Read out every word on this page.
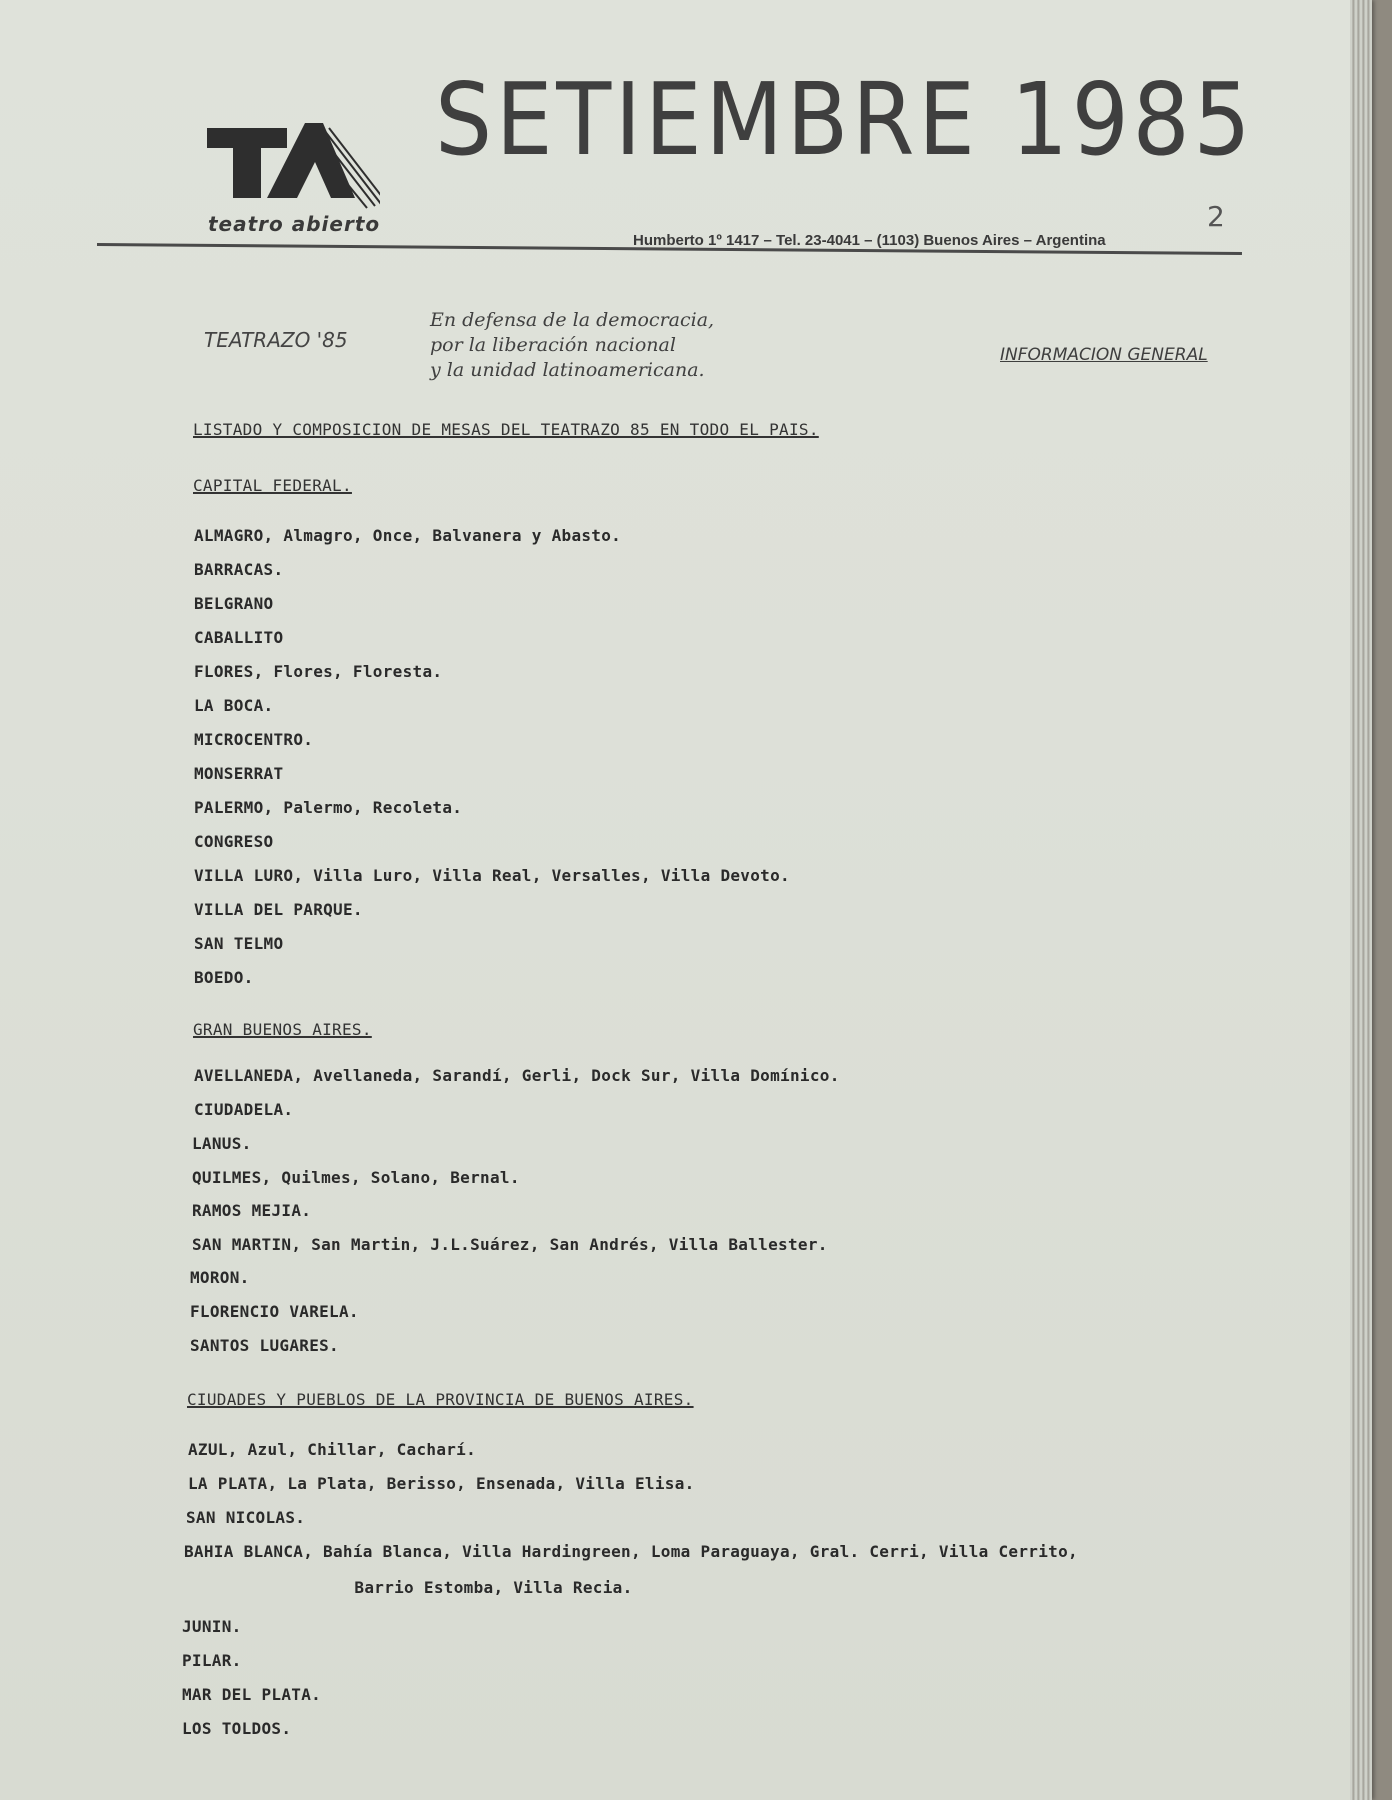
teatro abierto
SETIEMBRE 1985
2
Humberto 1º 1417 – Tel. 23-4041 – (1103) Buenos Aires – Argentina
TEATRAZO '85
En defensa de la democracia,
por la liberación nacional
y la unidad latinoamericana.
INFORMACION GENERAL
LISTADO Y COMPOSICION DE MESAS DEL TEATRAZO 85 EN TODO EL PAIS.
CAPITAL FEDERAL.
ALMAGRO, Almagro, Once, Balvanera y Abasto.
BARRACAS.
BELGRANO
CABALLITO
FLORES, Flores, Floresta.
LA BOCA.
MICROCENTRO.
MONSERRAT
PALERMO, Palermo, Recoleta.
CONGRESO
VILLA LURO, Villa Luro, Villa Real, Versalles, Villa Devoto.
VILLA DEL PARQUE.
SAN TELMO
BOEDO.
GRAN BUENOS AIRES.
AVELLANEDA, Avellaneda, Sarandí, Gerli, Dock Sur, Villa Domínico.
CIUDADELA.
LANUS.
QUILMES, Quilmes, Solano, Bernal.
RAMOS MEJIA.
SAN MARTIN, San Martin, J.L.Suárez, San Andrés, Villa Ballester.
MORON.
FLORENCIO VARELA.
SANTOS LUGARES.
CIUDADES Y PUEBLOS DE LA PROVINCIA DE BUENOS AIRES.
AZUL, Azul, Chillar, Cacharí.
LA PLATA, La Plata, Berisso, Ensenada, Villa Elisa.
SAN NICOLAS.
BAHIA BLANCA, Bahía Blanca, Villa Hardingreen, Loma Paraguaya, Gral. Cerri, Villa Cerrito,
Barrio Estomba, Villa Recia.
JUNIN.
PILAR.
MAR DEL PLATA.
LOS TOLDOS.
